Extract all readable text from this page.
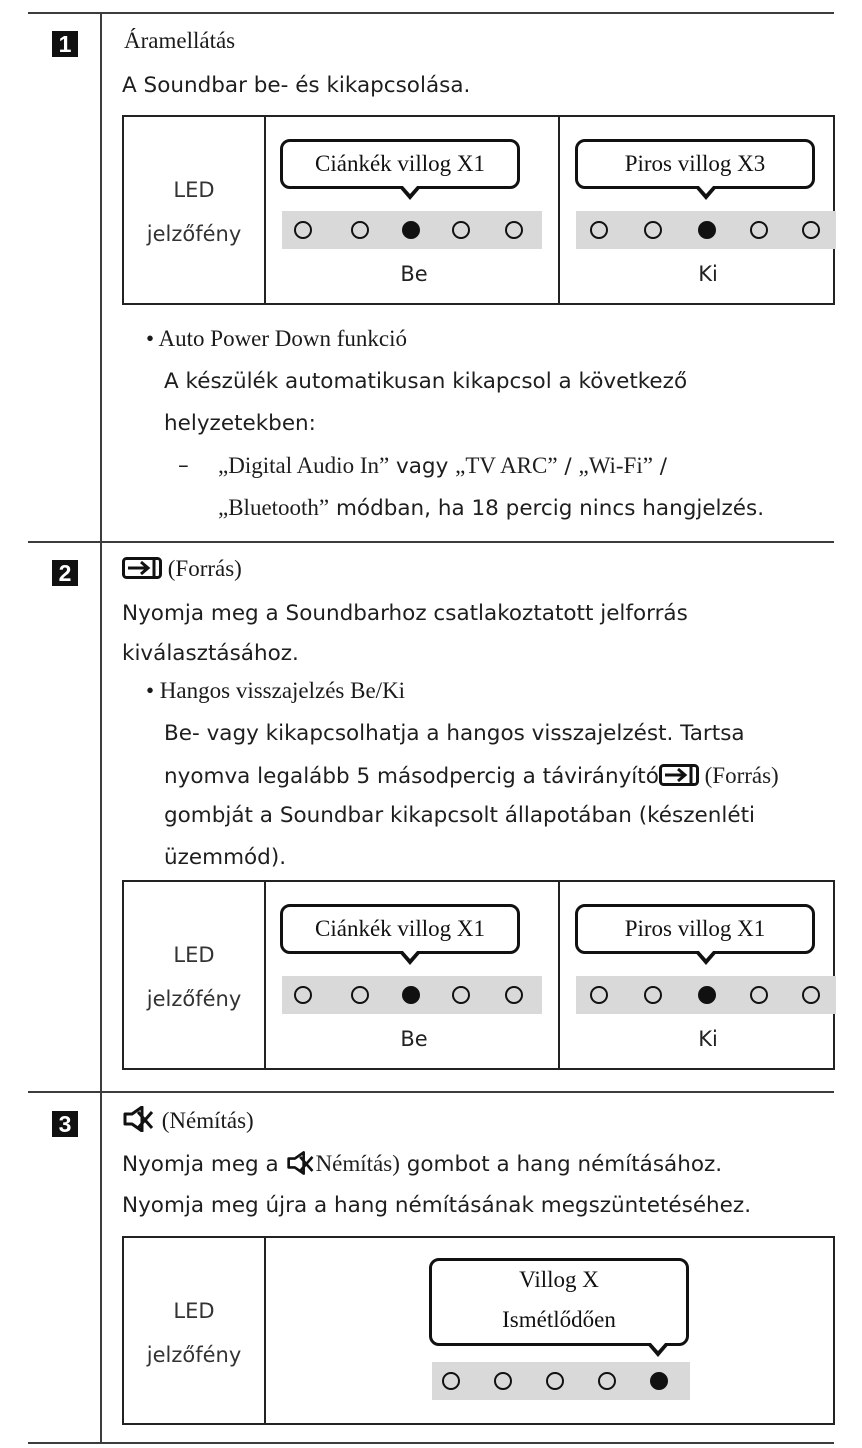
1 Áramellátás
A Soundbar be- és kikapcsolása.
LED
jelzőfény
Ciánkék villog X1
Be
Piros villog X3
Ki
• Auto Power Down funkció
A készülék automatikusan kikapcsol a következő
helyzetekben:
– „Digital Audio In” vagy „TV ARC” / „Wi-Fi” /
„Bluetooth” módban, ha 18 percig nincs hangjelzés.
2	(Forrás)
Nyomja meg a Soundbarhoz csatlakoztatott jelforrás
kiválasztásához.
• Hangos visszajelzés Be/Ki
Be- vagy kikapcsolhatja a hangos visszajelzést. Tartsa
nyomva legalább 5 másodpercig a távirányító (Forrás)
gombját a Soundbar kikapcsolt állapotában (készenléti
üzemmód).
LED
jelzőfény
Ciánkék villog X1
Be
Piros villog X1
Ki
3	(Némítás)
Nyomja meg a Némítás) gombot a hang némításához.
Nyomja meg újra a hang némításának megszüntetéséhez.
LED
jelzőfény
Villog X
Ismétlődően
